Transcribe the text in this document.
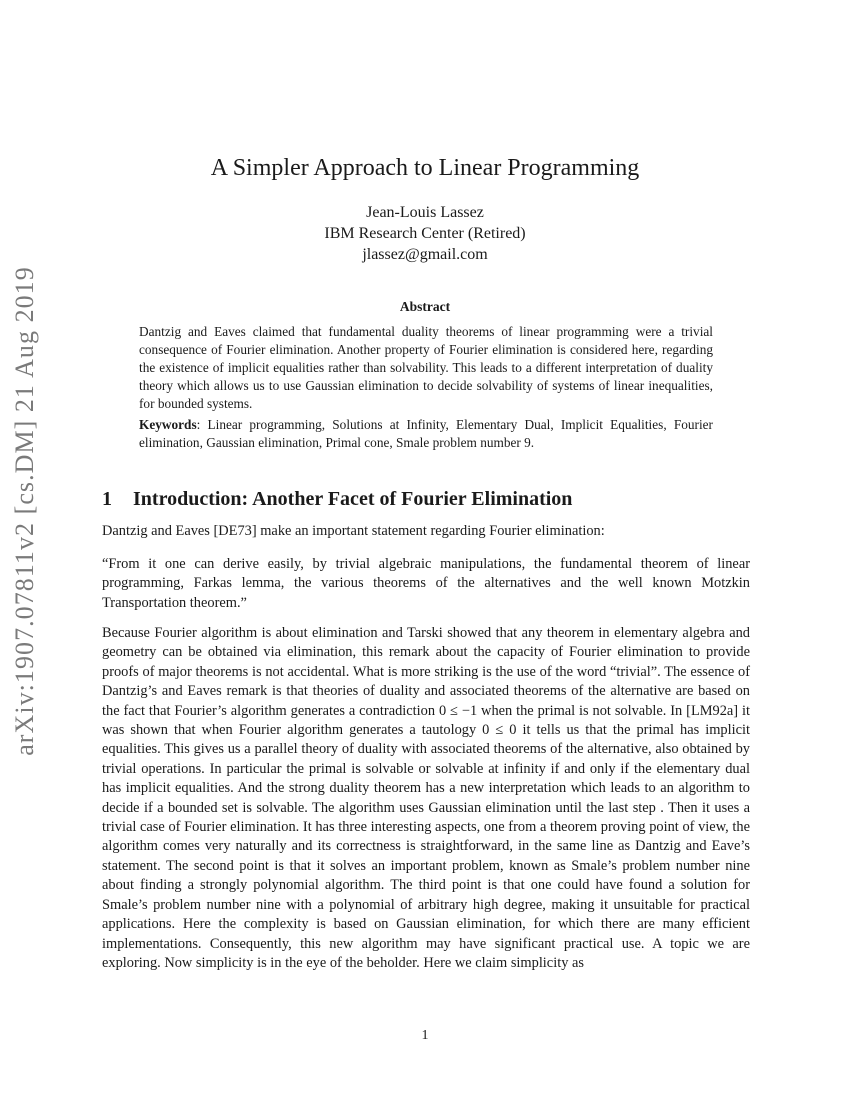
arXiv:1907.07811v2 [cs.DM] 21 Aug 2019
A Simpler Approach to Linear Programming
Jean-Louis Lassez
IBM Research Center (Retired)
jlassez@gmail.com
Abstract

Dantzig and Eaves claimed that fundamental duality theorems of linear programming were a trivial consequence of Fourier elimination. Another property of Fourier elimination is considered here, regarding the existence of implicit equalities rather than solvability. This leads to a different interpretation of duality theory which allows us to use Gaussian elimination to decide solvability of systems of linear inequalities, for bounded systems.

Keywords: Linear programming, Solutions at Infinity, Elementary Dual, Implicit Equalities, Fourier elimination, Gaussian elimination, Primal cone, Smale problem number 9.

1 Introduction: Another Facet of Fourier Elimination

Dantzig and Eaves [DE73] make an important statement regarding Fourier elimination:

“From it one can derive easily, by trivial algebraic manipulations, the fundamental theorem of linear programming, Farkas lemma, the various theorems of the alternatives and the well known Motzkin Transportation theorem.”

Because Fourier algorithm is about elimination and Tarski showed that any theorem in elementary algebra and geometry can be obtained via elimination, this remark about the capacity of Fourier elimination to provide proofs of major theorems is not accidental. What is more striking is the use of the word “trivial”. The essence of Dantzig’s and Eaves remark is that theories of duality and associated theorems of the alternative are based on the fact that Fourier’s algorithm generates a contradiction 0 ≤ −1 when the primal is not solvable. In [LM92a] it was shown that when Fourier algorithm generates a tautology 0 ≤ 0 it tells us that the primal has implicit equalities. This gives us a parallel theory of duality with associated theorems of the alternative, also obtained by trivial operations. In particular the primal is solvable or solvable at infinity if and only if the elementary dual has implicit equalities. And the strong duality theorem has a new interpretation which leads to an algorithm to decide if a bounded set is solvable. The algorithm uses Gaussian elimination until the last step . Then it uses a trivial case of Fourier elimination. It has three interesting aspects, one from a theorem proving point of view, the algorithm comes very naturally and its correctness is straightforward, in the same line as Dantzig and Eave’s statement. The second point is that it solves an important problem, known as Smale’s problem number nine about finding a strongly polynomial algorithm. The third point is that one could have found a solution for Smale’s problem number nine with a polynomial of arbitrary high degree, making it unsuitable for practical applications. Here the complexity is based on Gaussian elimination, for which there are many efficient implementations. Consequently, this new algorithm may have significant practical use. A topic we are exploring. Now simplicity is in the eye of the beholder. Here we claim simplicity as

1
